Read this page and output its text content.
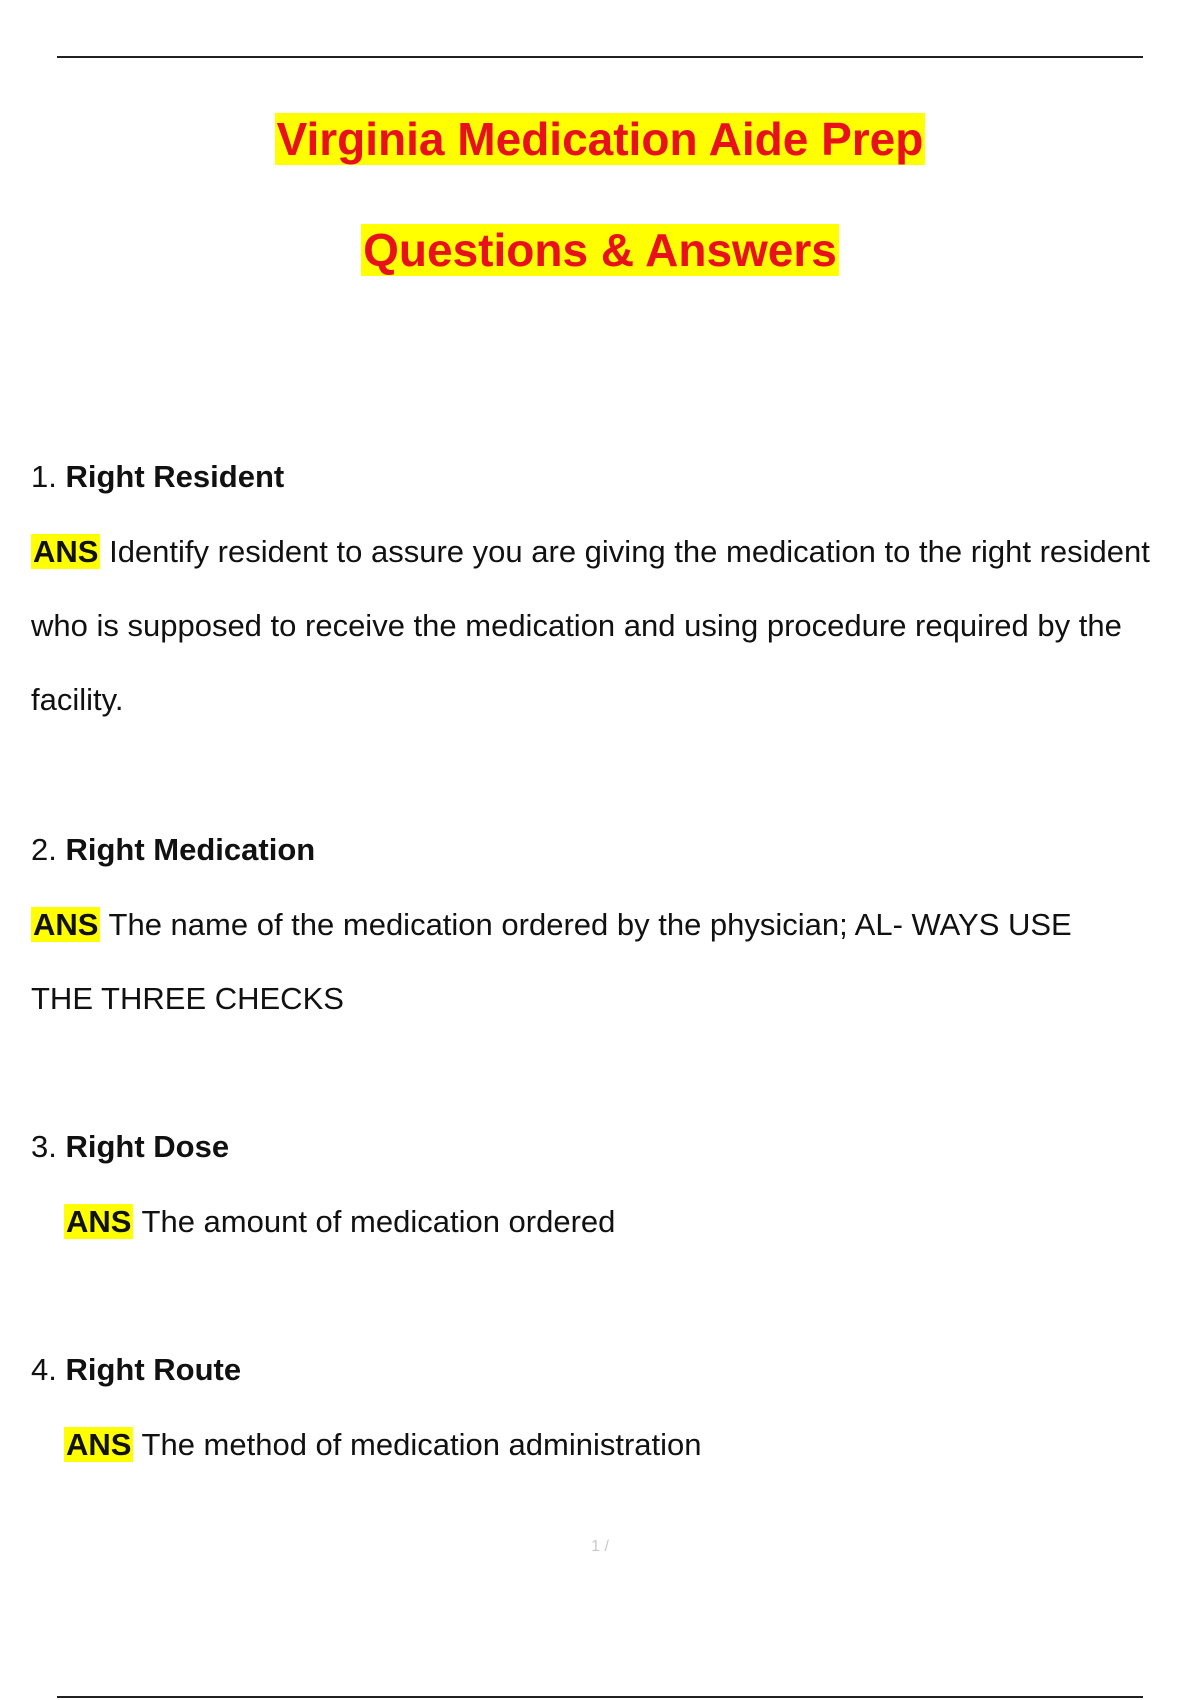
Virginia Medication Aide Prep
Questions & Answers
1. Right Resident
ANS Identify resident to assure you are giving the medication to the right resident who is supposed to receive the medication and using procedure required by the facility.
2. Right Medication
ANS The name of the medication ordered by the physician; AL- WAYS USE THE THREE CHECKS
3. Right Dose
ANS The amount of medication ordered
4. Right Route
ANS The method of medication administration
1 /
